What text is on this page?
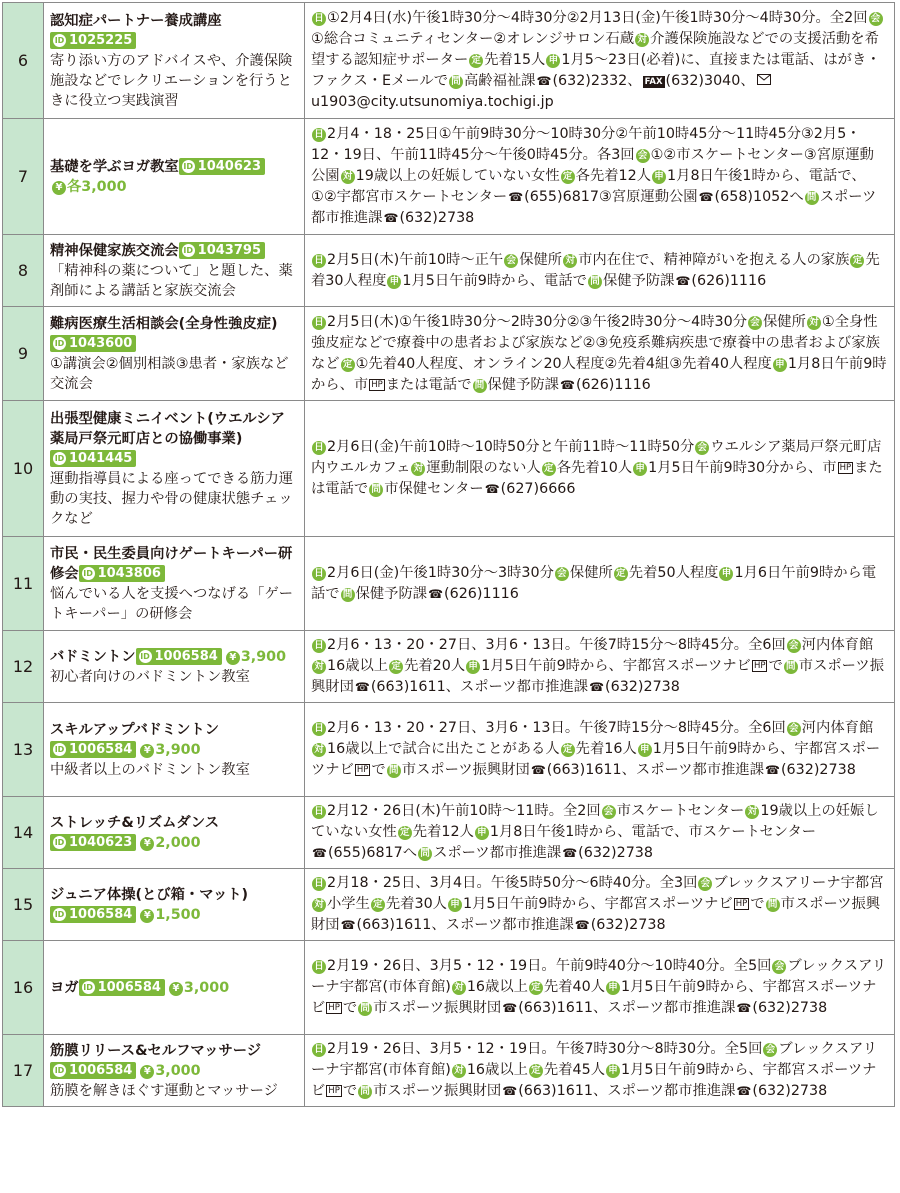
6	認知症パートナー養成講座ID 1025225
寄り添い方のアドバイスや、介護保険施設などでレクリエーションを行うときに役立つ実践演習	日 ①2月4日(水)午後1時30分～4時30分②2月13日(金)午後1時30分～4時30分。全2回 会①総合コミュニティセンター②オレンジサロン石蔵 対 介護保険施設などでの支援活動を希望する認知症サポーター 定 先着15人 申 1月5～23日(必着)に、直接または電話、はがき・ファクス・Eメールで 問 高齢福祉課☎(632)2332、 FAX (632)3040、
u1903@city.utsunomiya.tochigi.jp
7	基礎を学ぶヨガ教室 ID 1040623¥ 各3,000	日 2月4・18・25日①午前9時30分～10時30分②午前10時45分～11時45分③2月5・12・19日、午前11時45分～午後0時45分。各3回 会 ①②市スケートセンター③宮原運動公園 対 19歳以上の妊娠していない女性 定 各先着12人 申 1月8日午後1時から、電話で、①②宇都宮市スケートセンター☎(655)6817③宮原運動公園☎(658)1052へ 問 スポーツ都市推進課☎(632)2738
8	精神保健家族交流会 ID 1043795
「精神科の薬について」と題した、薬剤師による講話と家族交流会	日 2月5日(木)午前10時～正午 会 保健所 対 市内在住で、精神障がいを抱える人の家族 定 先着30人程度 申 1月5日午前9時から、電話で 問 保健予防課☎(626)1116
9	難病医療生活相談会(全身性強皮症)ID 1043600
①講演会②個別相談③患者・家族など交流会	日 2月5日(木)①午後1時30分～2時30分②③午後2時30分～4時30分 会 保健所 対 ①全身性強皮症などで療養中の患者および家族など②③免疫系難病疾患で療養中の患者および家族など 定 ①先着40人程度、オンライン20人程度②先着4組③先着40人程度 申 1月8日午前9時から、市 HP または電話で 問 保健予防課☎(626)1116
10	出張型健康ミニイベント(ウエルシア薬局戸祭元町店との協働事業)ID 1041445
運動指導員による座ってできる筋力運動の実技、握力や骨の健康状態チェックなど	日 2月6日(金)午前10時～10時50分と午前11時～11時50分 会 ウエルシア薬局戸祭元町店内ウエルカフェ 対 運動制限のない人 定 各先着10人 申 1月5日午前9時30分から、市 HP または電話で 問 市保健センター☎(627)6666
11	市民・民生委員向けゲートキーパー研修会 ID 1043806
悩んでいる人を支援へつなげる「ゲートキーパー」の研修会	日 2月6日(金)午後1時30分～3時30分 会 保健所 定 先着50人程度 申 1月6日午前9時から電話で 問 保健予防課☎(626)1116
12	バドミントン ID 1006584 ¥ 3,900
初心者向けのバドミントン教室	日 2月6・13・20・27日、3月6・13日。午後7時15分～8時45分。全6回 会 河内体育館対 16歳以上 定 先着20人 申 1月5日午前9時から、宇都宮スポーツナビ HP で 問 市スポーツ振興財団☎(663)1611、スポーツ都市推進課☎(632)2738
13	スキルアップバドミントンID 1006584 ¥ 3,900
中級者以上のバドミントン教室	日 2月6・13・20・27日、3月6・13日。午後7時15分～8時45分。全6回 会 河内体育館対 16歳以上で試合に出たことがある人 定 先着16人 申 1月5日午前9時から、宇都宮スポーツナビ HP で 問 市スポーツ振興財団☎(663)1611、スポーツ都市推進課☎(632)2738
14	ストレッチ&リズムダンスID 1040623 ¥ 2,000	日 2月12・26日(木)午前10時～11時。全2回 会 市スケートセンター 対 19歳以上の妊娠していない女性 定 先着12人 申 1月8日午後1時から、電話で、市スケートセンター☎(655)6817へ 問 スポーツ都市推進課☎(632)2738
15	ジュニア体操(とび箱・マット)ID 1006584 ¥ 1,500	日 2月18・25日、3月4日。午後5時50分～6時40分。全3回 会 ブレックスアリーナ宇都宮対 小学生 定 先着30人 申 1月5日午前9時から、宇都宮スポーツナビ HP で 問 市スポーツ振興財団☎(663)1611、スポーツ都市推進課☎(632)2738
16	ヨガ ID 1006584 ¥ 3,000	日 2月19・26日、3月5・12・19日。午前9時40分～10時40分。全5回 会 ブレックスアリーナ宇都宮(市体育館) 対 16歳以上 定 先着40人 申 1月5日午前9時から、宇都宮スポーツナビ HP で 問 市スポーツ振興財団☎(663)1611、スポーツ都市推進課☎(632)2738
17	筋膜リリース&セルフマッサージID 1006584 ¥ 3,000
筋膜を解きほぐす運動とマッサージ	日 2月19・26日、3月5・12・19日。午後7時30分～8時30分。全5回 会 ブレックスアリーナ宇都宮(市体育館) 対 16歳以上 定 先着45人 申 1月5日午前9時から、宇都宮スポーツナビ HP で 問 市スポーツ振興財団☎(663)1611、スポーツ都市推進課☎(632)2738
